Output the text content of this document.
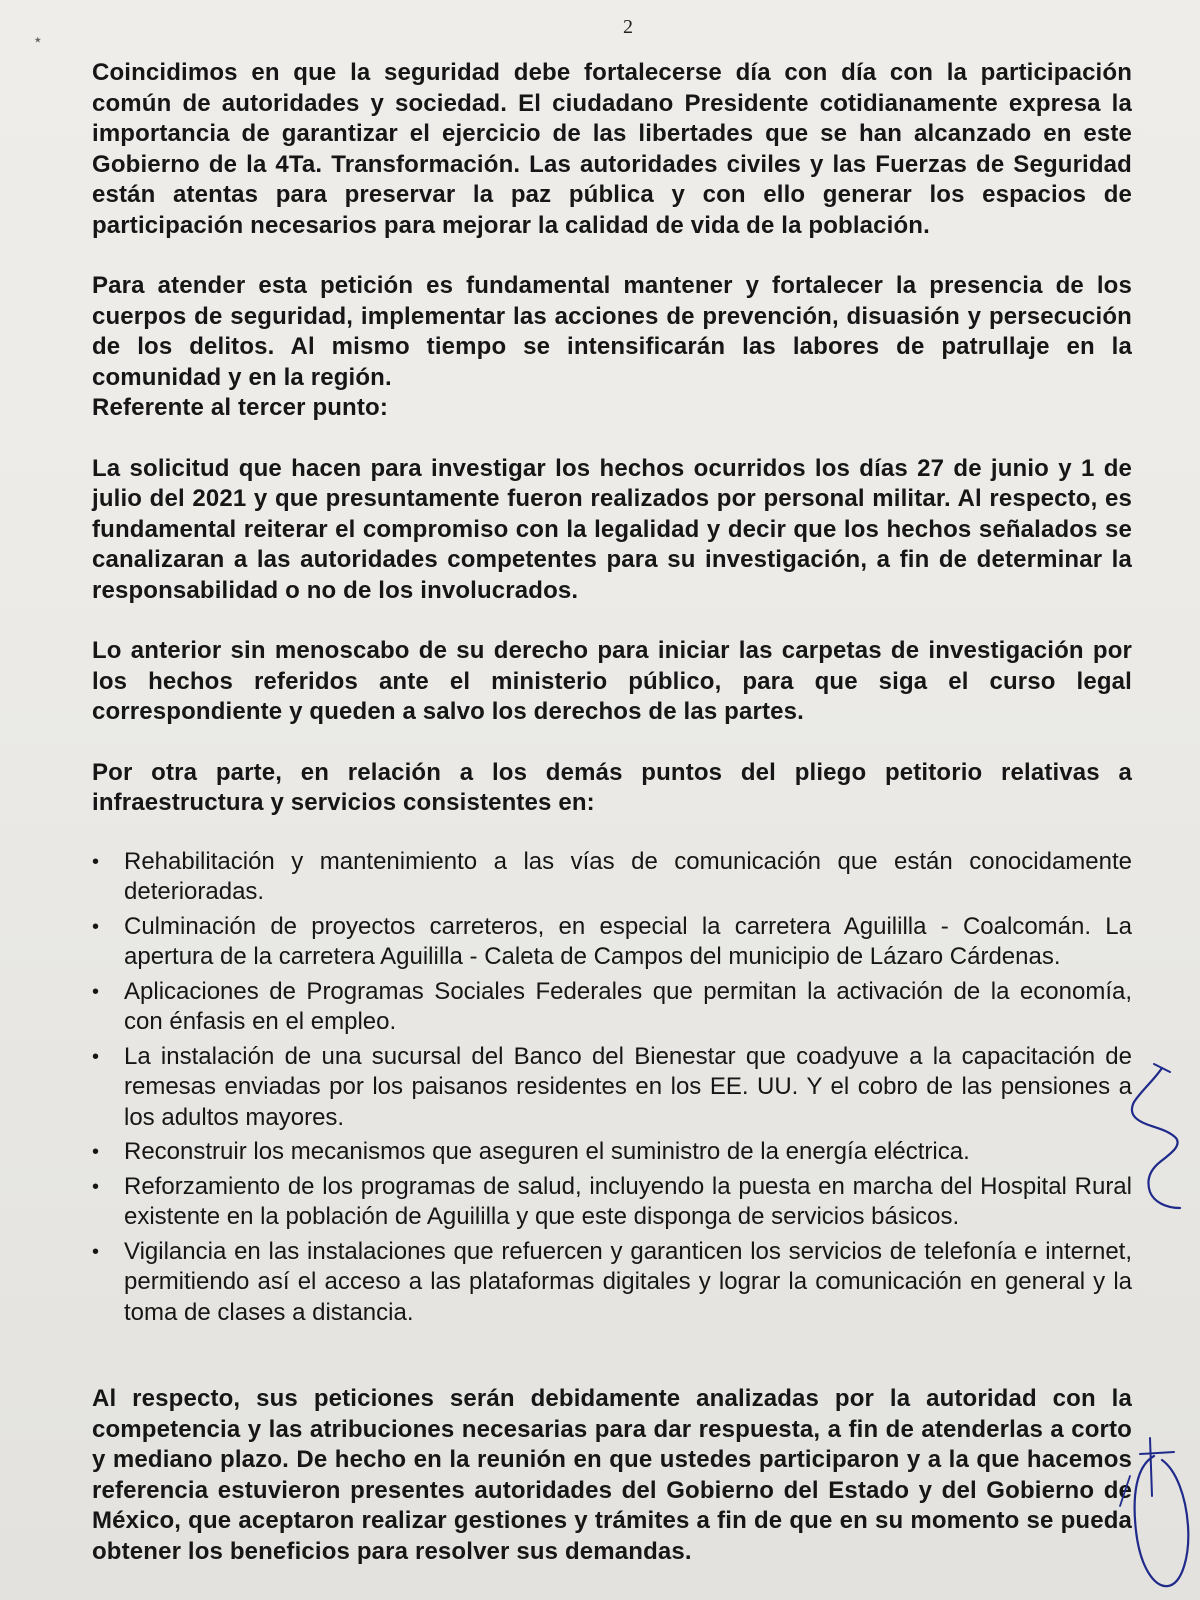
2
٭

Coincidimos en que la seguridad debe fortalecerse día con día con la participación común de autoridades y sociedad. El ciudadano Presidente cotidianamente expresa la importancia de garantizar el ejercicio de las libertades que se han alcanzado en este Gobierno de la 4Ta. Transformación. Las autoridades civiles y las Fuerzas de Seguridad están atentas para preservar la paz pública y con ello generar los espacios de participación necesarios para mejorar la calidad de vida de la población.

Para atender esta petición es fundamental mantener y fortalecer la presencia de los cuerpos de seguridad, implementar las acciones de prevención, disuasión y persecución de los delitos. Al mismo tiempo se intensificarán las labores de patrullaje en la comunidad y en la región.

Referente al tercer punto:

La solicitud que hacen para investigar los hechos ocurridos los días 27 de junio y 1 de julio del 2021 y que presuntamente fueron realizados por personal militar. Al respecto, es fundamental reiterar el compromiso con la legalidad y decir que los hechos señalados se canalizaran a las autoridades competentes para su investigación, a fin de determinar la responsabilidad o no de los involucrados.

Lo anterior sin menoscabo de su derecho para iniciar las carpetas de investigación por los hechos referidos ante el ministerio público, para que siga el curso legal correspondiente y queden a salvo los derechos de las partes.

Por otra parte, en relación a los demás puntos del pliego petitorio relativas a infraestructura y servicios consistentes en:

• Rehabilitación y mantenimiento a las vías de comunicación que están conocidamente deterioradas.
• Culminación de proyectos carreteros, en especial la carretera Aguililla - Coalcomán. La apertura de la carretera Aguililla - Caleta de Campos del municipio de Lázaro Cárdenas.
• Aplicaciones de Programas Sociales Federales que permitan la activación de la economía, con énfasis en el empleo.
• La instalación de una sucursal del Banco del Bienestar que coadyuve a la capacitación de remesas enviadas por los paisanos residentes en los EE. UU. Y el cobro de las pensiones a los adultos mayores.
• Reconstruir los mecanismos que aseguren el suministro de la energía eléctrica.
• Reforzamiento de los programas de salud, incluyendo la puesta en marcha del Hospital Rural existente en la población de Aguililla y que este disponga de servicios básicos.
• Vigilancia en las instalaciones que refuercen y garanticen los servicios de telefonía e internet, permitiendo así el acceso a las plataformas digitales y lograr la comunicación en general y la toma de clases a distancia.

Al respecto, sus peticiones serán debidamente analizadas por la autoridad con la competencia y las atribuciones necesarias para dar respuesta, a fin de atenderlas a corto y mediano plazo. De hecho en la reunión en que ustedes participaron y a la que hacemos referencia estuvieron presentes autoridades del Gobierno del Estado y del Gobierno de México, que aceptaron realizar gestiones y trámites a fin de que en su momento se pueda obtener los beneficios para resolver sus demandas.
